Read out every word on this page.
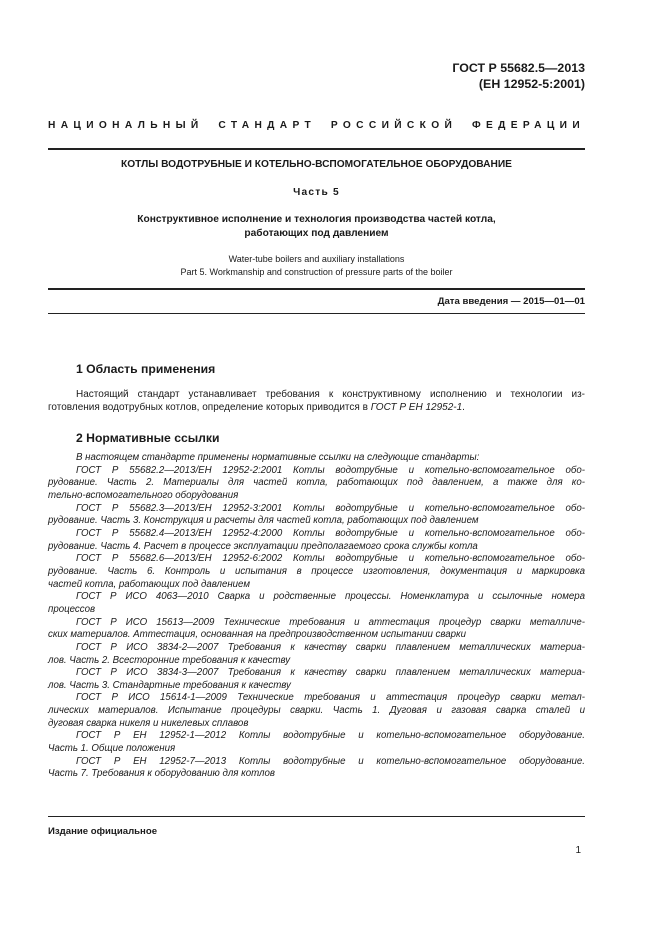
ГОСТ Р 55682.5—2013
(ЕН 12952-5:2001)
НАЦИОНАЛЬНЫЙ СТАНДАРТ РОССИЙСКОЙ ФЕДЕРАЦИИ
КОТЛЫ ВОДОТРУБНЫЕ И КОТЕЛЬНО-ВСПОМОГАТЕЛЬНОЕ ОБОРУДОВАНИЕ
Часть 5
Конструктивное исполнение и технология производства частей котла,
работающих под давлением
Water-tube boilers and auxiliary installations
Part 5. Workmanship and construction of pressure parts of the boiler
Дата введения — 2015—01—01
1 Область применения
Настоящий стандарт устанавливает требования к конструктивному исполнению и технологии из-
готовления водотрубных котлов, определение которых приводится в ГОСТ Р ЕН 12952-1.
2 Нормативные ссылки
В настоящем стандарте применены нормативные ссылки на следующие стандарты:
ГОСТ Р 55682.2—2013/ЕН 12952-2:2001 Котлы водотрубные и котельно-вспомогательное обо-
рудование. Часть 2. Материалы для частей котла, работающих под давлением, а также для ко-
тельно-вспомогательного оборудования
ГОСТ Р 55682.3—2013/ЕН 12952-3:2001 Котлы водотрубные и котельно-вспомогательное обо-
рудование. Часть 3. Конструкция и расчеты для частей котла, работающих под давлением
ГОСТ Р 55682.4—2013/ЕН 12952-4:2000 Котлы водотрубные и котельно-вспомогательное обо-
рудование. Часть 4. Расчет в процессе эксплуатации предполагаемого срока службы котла
ГОСТ Р 55682.6—2013/ЕН 12952-6:2002 Котлы водотрубные и котельно-вспомогательное обо-
рудование. Часть 6. Контроль и испытания в процессе изготовления, документация и маркировка
частей котла, работающих под давлением
ГОСТ Р ИСО 4063—2010 Сварка и родственные процессы. Номенклатура и ссылочные номера
процессов
ГОСТ Р ИСО 15613—2009 Технические требования и аттестация процедур сварки металличе-
ских материалов. Аттестация, основанная на предпроизводственном испытании сварки
ГОСТ Р ИСО 3834-2—2007 Требования к качеству сварки плавлением металлических материа-
лов. Часть 2. Всесторонние требования к качеству
ГОСТ Р ИСО 3834-3—2007 Требования к качеству сварки плавлением металлических материа-
лов. Часть 3. Стандартные требования к качеству
ГОСТ Р ИСО 15614-1—2009 Технические требования и аттестация процедур сварки метал-
лических материалов. Испытание процедуры сварки. Часть 1. Дуговая и газовая сварка сталей и
дуговая сварка никеля и никелевых сплавов
ГОСТ Р ЕН 12952-1—2012 Котлы водотрубные и котельно-вспомогательное оборудование.
Часть 1. Общие положения
ГОСТ Р ЕН 12952-7—2013 Котлы водотрубные и котельно-вспомогательное оборудование.
Часть 7. Требования к оборудованию для котлов
Издание официальное
1
